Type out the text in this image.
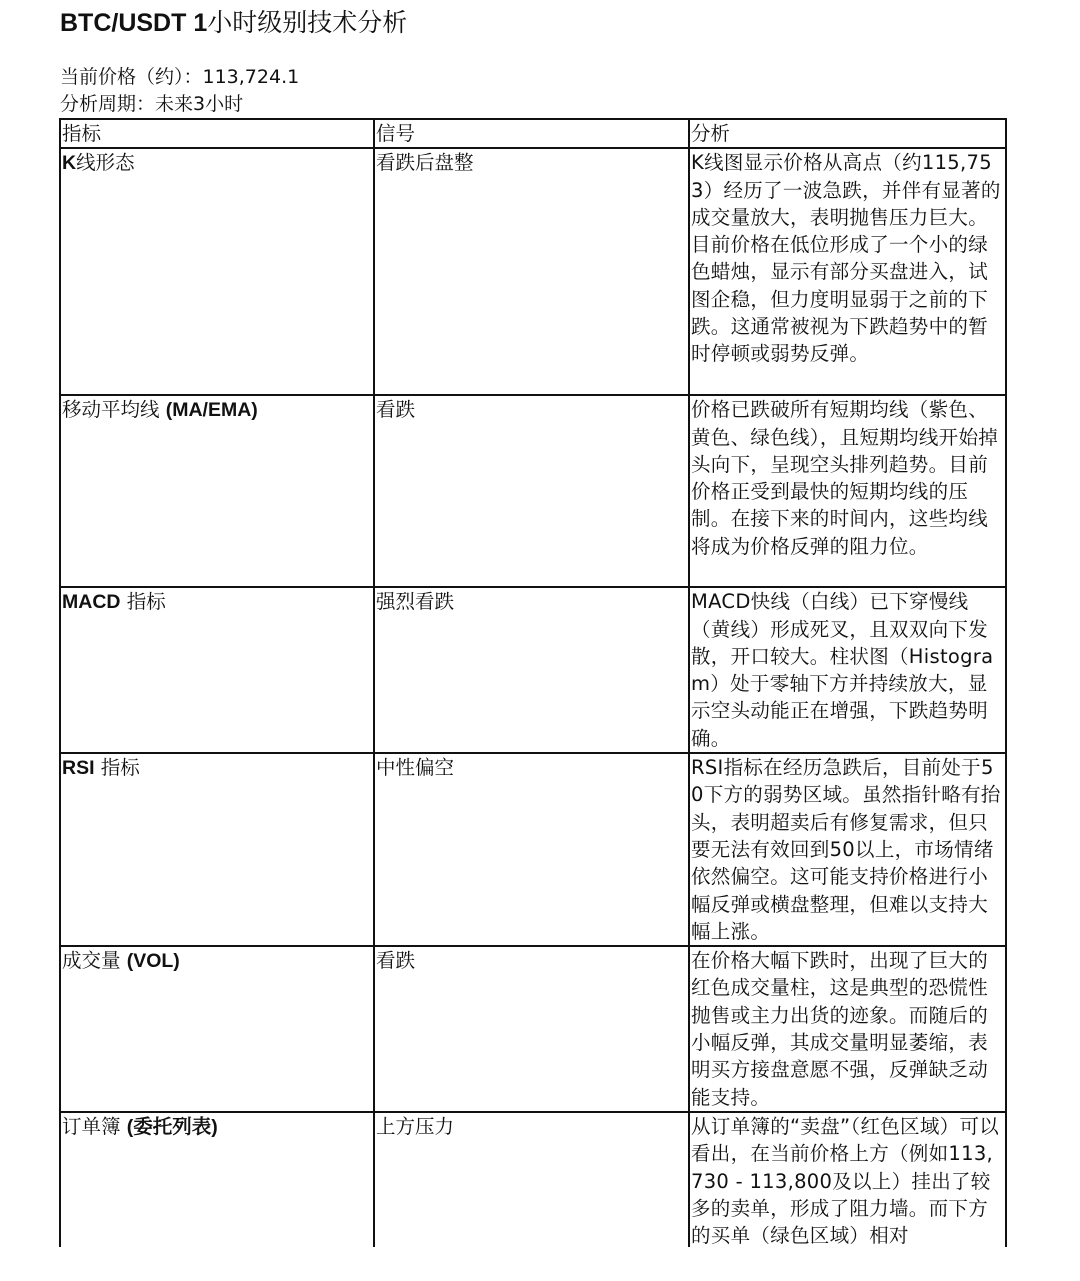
BTC/USDT 1小时级别技术分析
当前价格（约）：113,724.1
分析周期：未来3小时
指标	信号	分析
K线形态	看跌后盘整	K线图显示价格从高点（约115,753）经历了一波急跌，并伴有显著的成交量放大，表明抛售压力巨大。目前价格在低位形成了一个小的绿色蜡烛，显示有部分买盘进入，试图企稳，但力度明显弱于之前的下跌。这通常被视为下跌趋势中的暂时停顿或弱势反弹。
移动平均线 (MA/EMA)	看跌	价格已跌破所有短期均线（紫色、黄色、绿色线），且短期均线开始掉头向下，呈现空头排列趋势。目前价格正受到最快的短期均线的压制。在接下来的时间内，这些均线将成为价格反弹的阻力位。
MACD 指标	强烈看跌	MACD快线（白线）已下穿慢线（黄线）形成死叉，且双双向下发散，开口较大。柱状图（Histogram）处于零轴下方并持续放大，显示空头动能正在增强，下跌趋势明确。
RSI 指标	中性偏空	RSI指标在经历急跌后，目前处于50下方的弱势区域。虽然指针略有抬头，表明超卖后有修复需求，但只要无法有效回到50以上，市场情绪依然偏空。这可能支持价格进行小幅反弹或横盘整理，但难以支持大幅上涨。
成交量 (VOL)	看跌	在价格大幅下跌时，出现了巨大的红色成交量柱，这是典型的恐慌性抛售或主力出货的迹象。而随后的小幅反弹，其成交量明显萎缩，表明买方接盘意愿不强，反弹缺乏动能支持。
订单簿 (委托列表)	上方压力	从订单簿的“卖盘”（红色区域）可以看出，在当前价格上方（例如113,730 - 113,800及以上）挂出了较多的卖单，形成了阻力墙。而下方的买单（绿色区域）相对
